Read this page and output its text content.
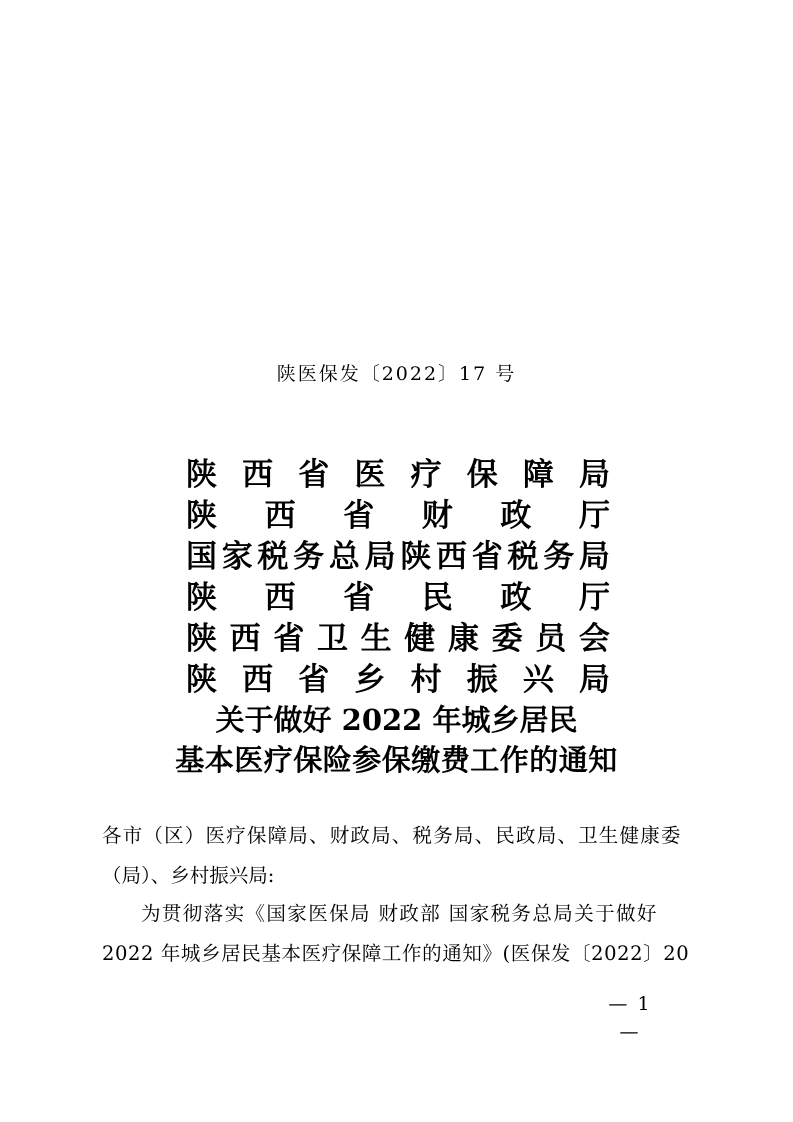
陕医保发〔2022〕17 号
陕 西 省 医 疗 保 障 局
陕 西 省 财 政 厅
国 家 税 务 总 局 陕 西 省 税 务 局
陕 西 省 民 政 厅
陕 西 省 卫 生 健 康 委 员 会
陕 西 省 乡 村 振 兴 局
关于做好 2022 年城乡居民
基本医疗保险参保缴费工作的通知
各市（区）医疗保障局、财政局、税务局、民政局、卫生健康委
（局）、乡村振兴局:
为贯彻落实《国家医保局 财政部 国家税务总局关于做好
2022 年城乡居民基本医疗保障工作的通知》(医保发〔2022〕20
— 1 —
